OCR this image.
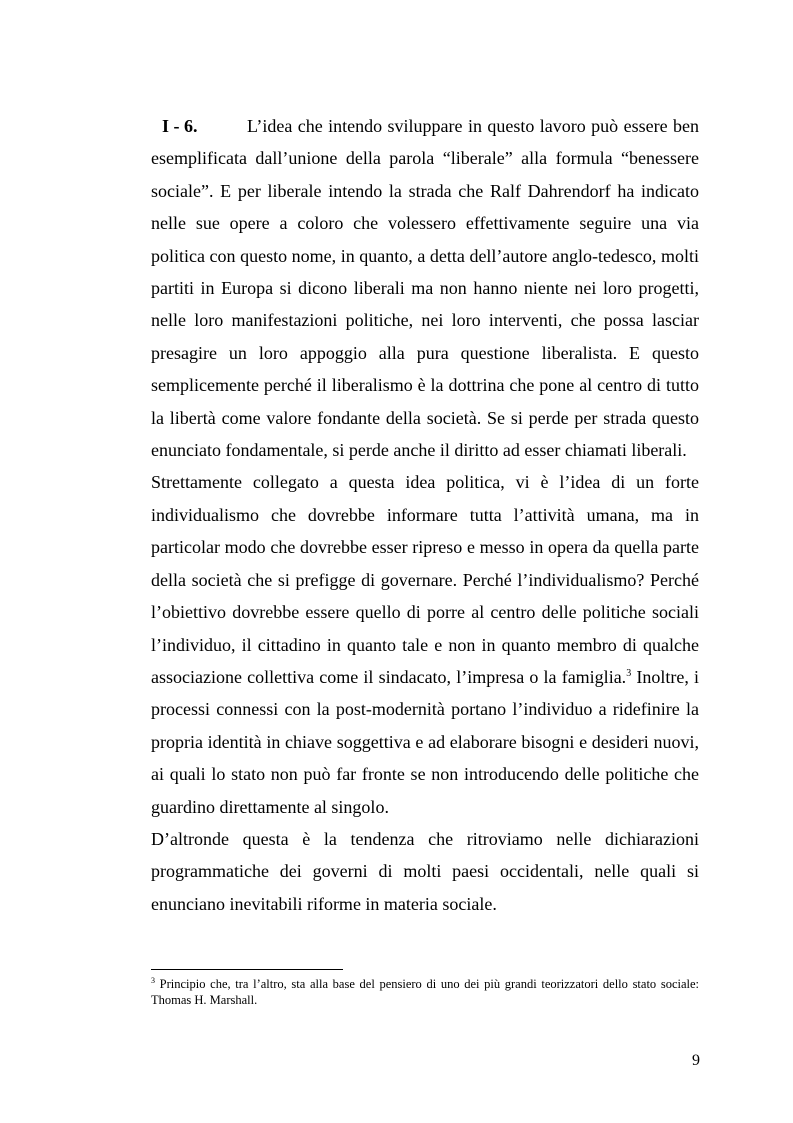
I - 6.	L’idea che intendo sviluppare in questo lavoro può essere ben esemplificata dall’unione della parola “liberale” alla formula “benessere sociale”. E per liberale intendo la strada che Ralf Dahrendorf ha indicato nelle sue opere a coloro che volessero effettivamente seguire una via politica con questo nome, in quanto, a detta dell’autore anglo-tedesco, molti partiti in Europa si dicono liberali ma non hanno niente nei loro progetti, nelle loro manifestazioni politiche, nei loro interventi, che possa lasciar presagire un loro appoggio alla pura questione liberalista. E questo semplicemente perché il liberalismo è la dottrina che pone al centro di tutto la libertà come valore fondante della società. Se si perde per strada questo enunciato fondamentale, si perde anche il diritto ad esser chiamati liberali.

Strettamente collegato a questa idea politica, vi è l’idea di un forte individualismo che dovrebbe informare tutta l’attività umana, ma in particolar modo che dovrebbe esser ripreso e messo in opera da quella parte della società che si prefigge di governare. Perché l’individualismo? Perché l’obiettivo dovrebbe essere quello di porre al centro delle politiche sociali l’individuo, il cittadino in quanto tale e non in quanto membro di qualche associazione collettiva come il sindacato, l’impresa o la famiglia.$^3$ Inoltre, i processi connessi con la post-modernità portano l’individuo a ridefinire la propria identità in chiave soggettiva e ad elaborare bisogni e desideri nuovi, ai quali lo stato non può far fronte se non introducendo delle politiche che guardino direttamente al singolo.

D’altronde questa è la tendenza che ritroviamo nelle dichiarazioni programmatiche dei governi di molti paesi occidentali, nelle quali si enunciano inevitabili riforme in materia sociale.

$^3$ Principio che, tra l’altro, sta alla base del pensiero di uno dei più grandi teorizzatori dello stato sociale: Thomas H. Marshall.

9
